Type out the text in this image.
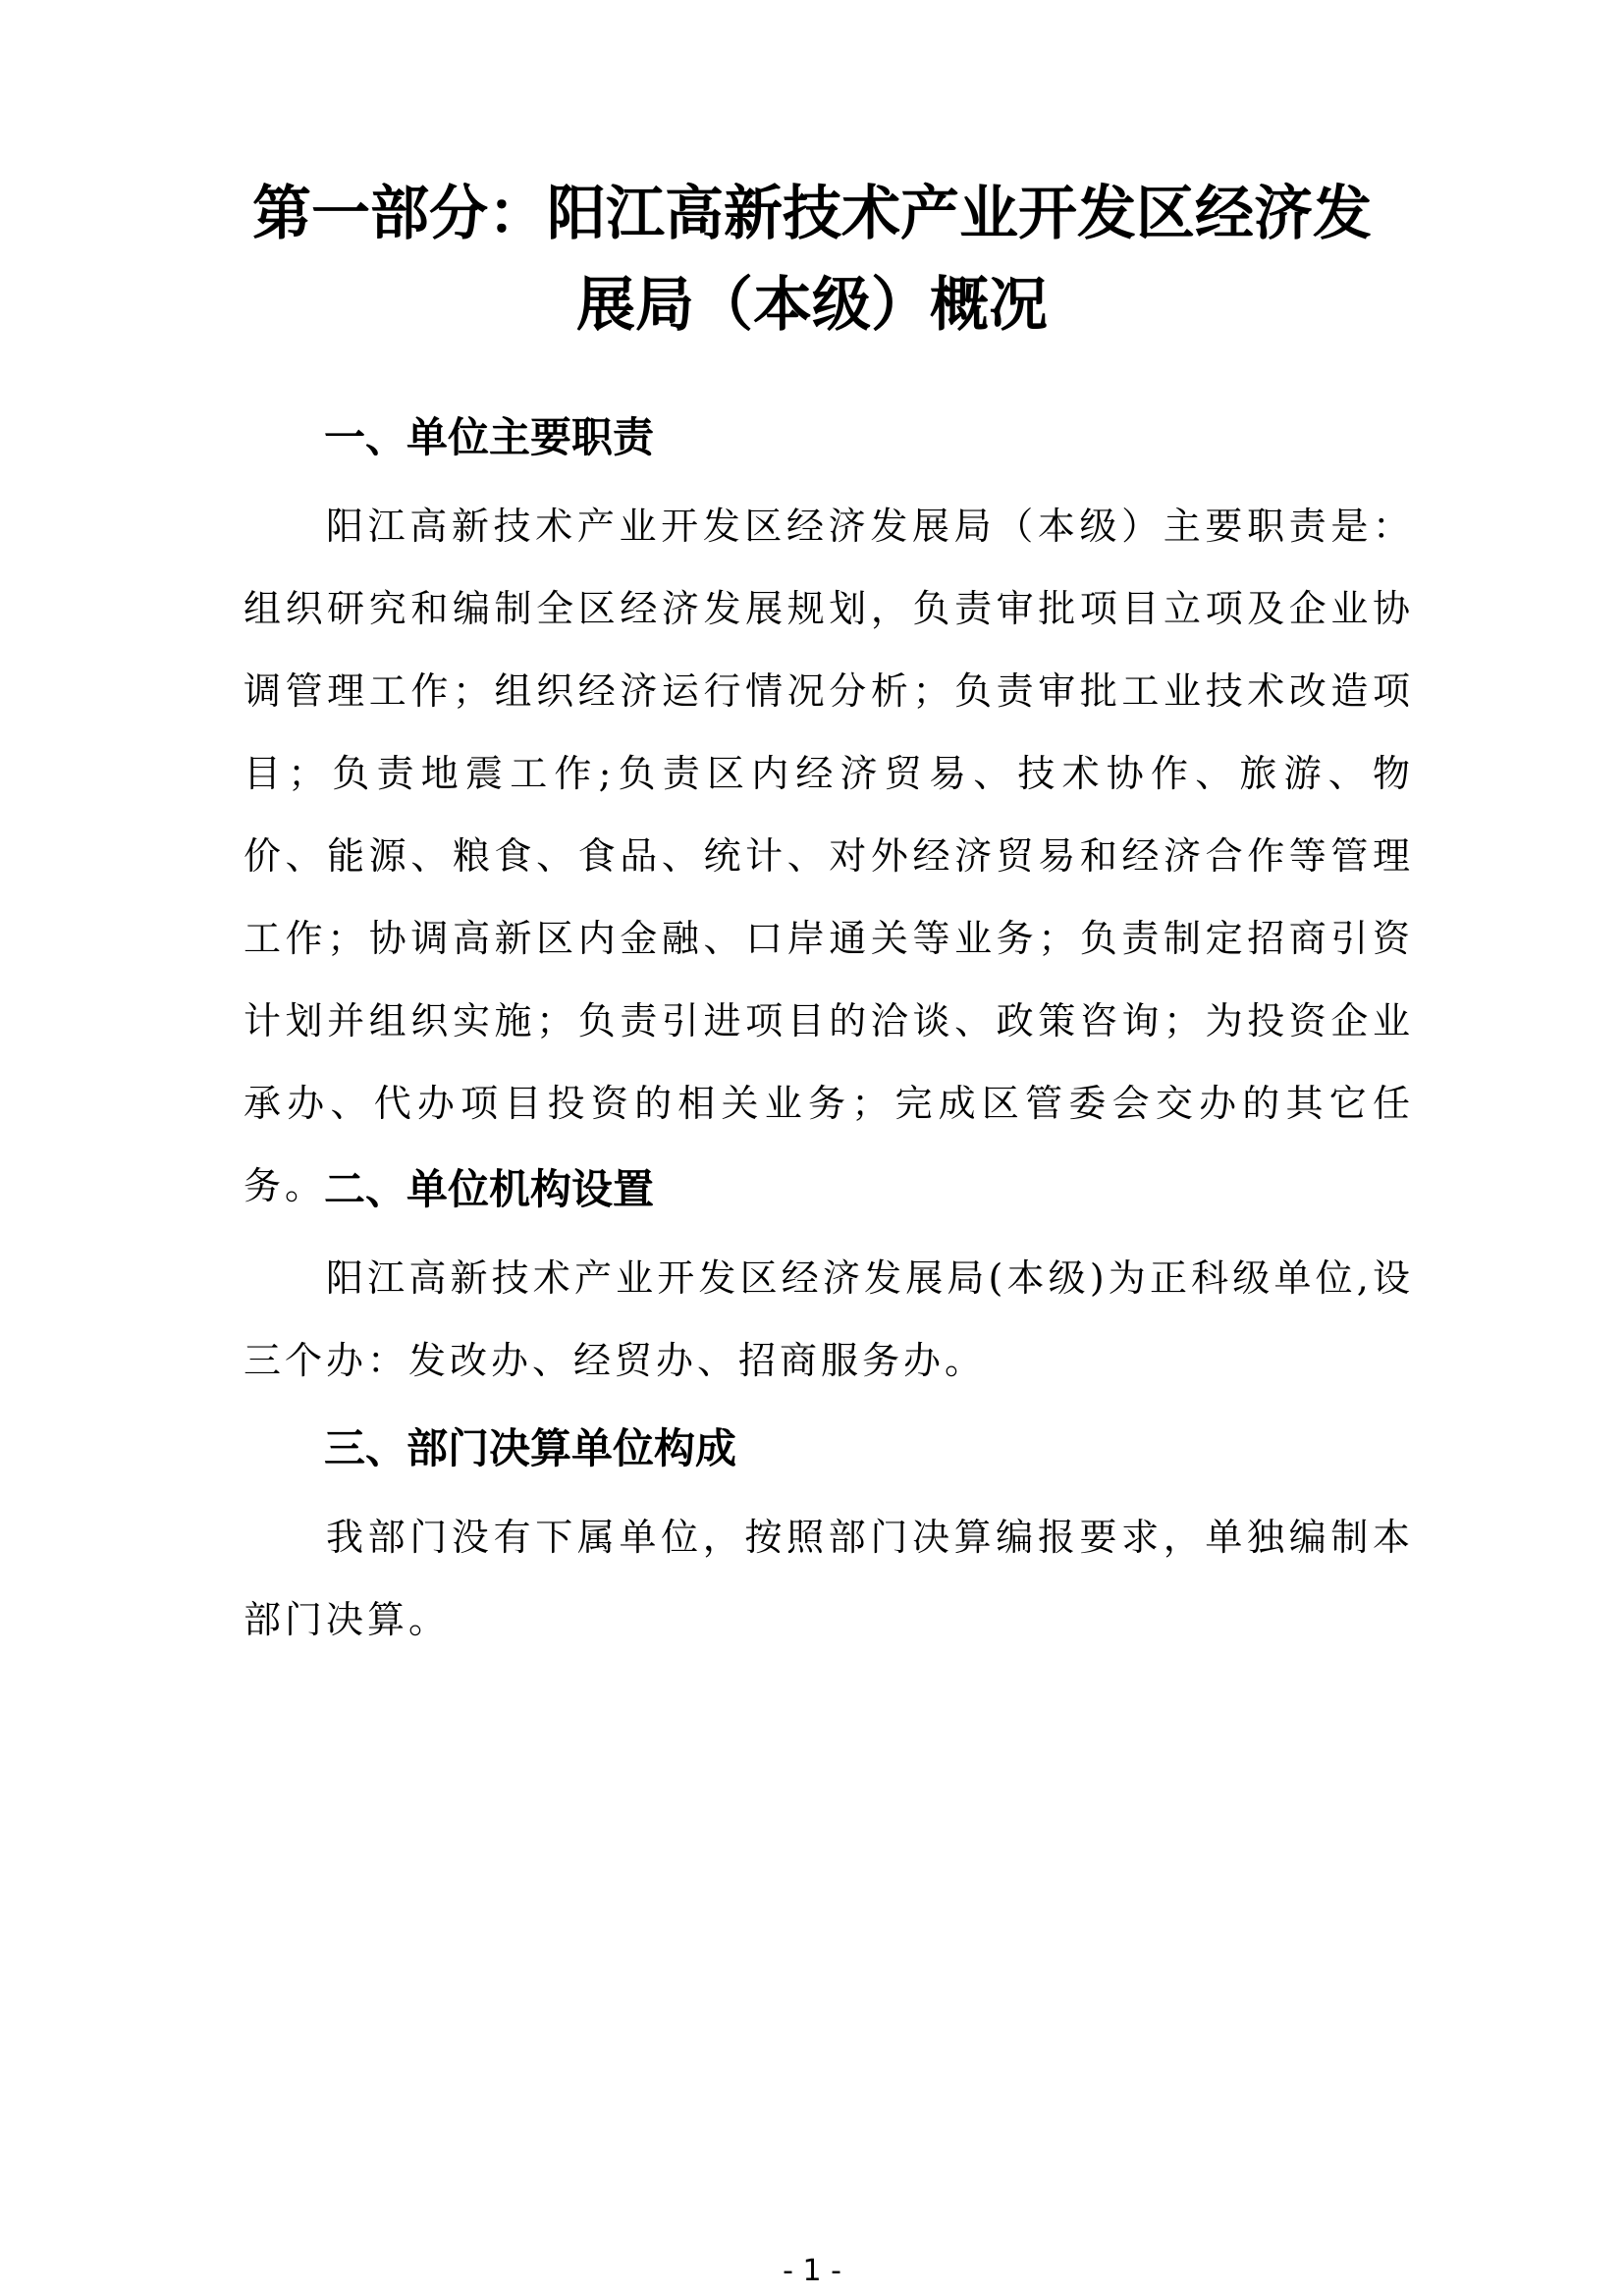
第一部分：阳江高新技术产业开发区经济发
展局（本级）概况
一、单位主要职责
阳江高新技术产业开发区经济发展局（本级）主要职责是：组织研究和编制全区经济发展规划，负责审批项目立项及企业协调管理工作；组织经济运行情况分析；负责审批工业技术改造项目；负责地震工作;负责区内经济贸易、技术协作、旅游、物价、能源、粮食、食品、统计、对外经济贸易和经济合作等管理工作；协调高新区内金融、口岸通关等业务；负责制定招商引资计划并组织实施；负责引进项目的洽谈、政策咨询；为投资企业承办、代办项目投资的相关业务；完成区管委会交办的其它任务。
二、单位机构设置
阳江高新技术产业开发区经济发展局(本级)为正科级单位,设三个办：发改办、经贸办、招商服务办。
三、部门决算单位构成
我部门没有下属单位，按照部门决算编报要求，单独编制本部门决算。
- 1 -
